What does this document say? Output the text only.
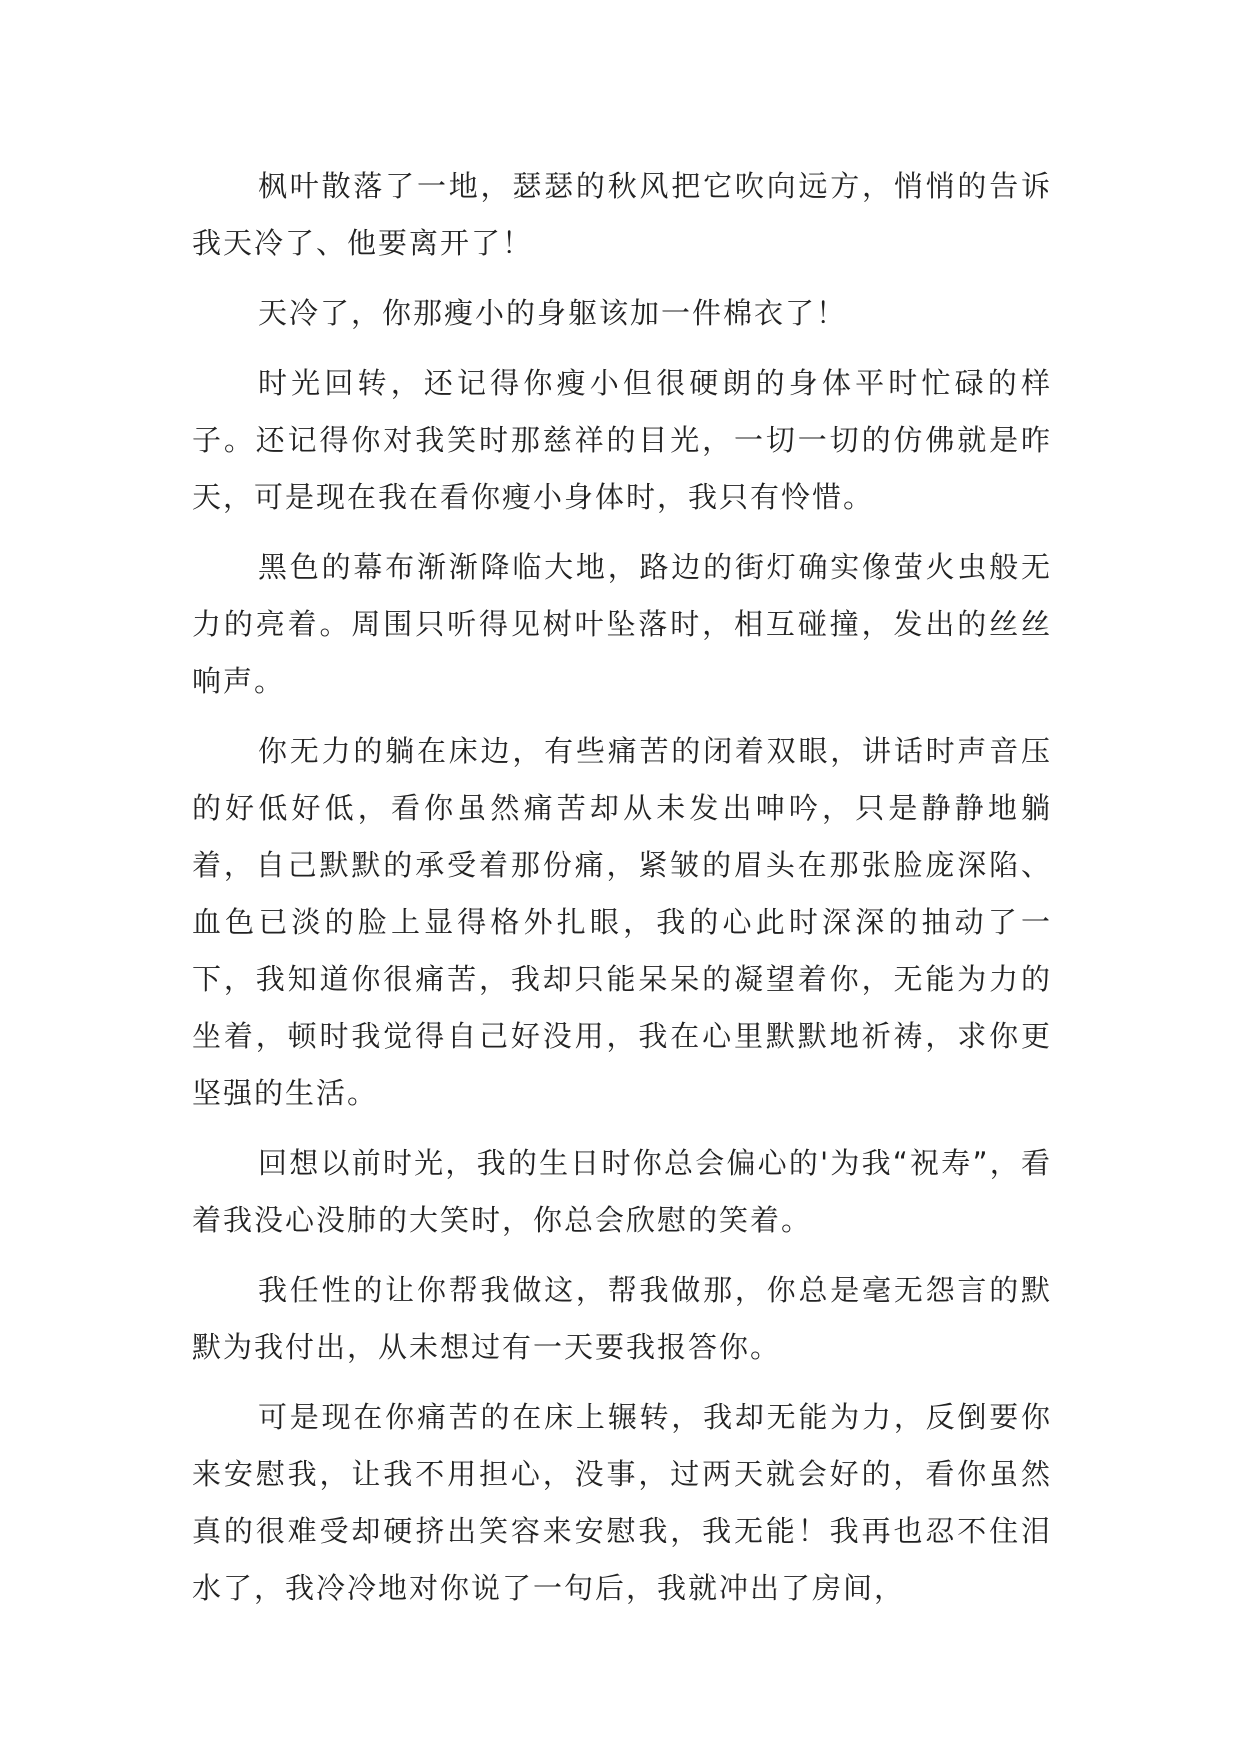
枫叶散落了一地，瑟瑟的秋风把它吹向远方，悄悄的告诉我天冷了、他要离开了！

天冷了，你那瘦小的身躯该加一件棉衣了！

时光回转，还记得你瘦小但很硬朗的身体平时忙碌的样子。还记得你对我笑时那慈祥的目光，一切一切的仿佛就是昨天，可是现在我在看你瘦小身体时，我只有怜惜。

黑色的幕布渐渐降临大地，路边的街灯确实像萤火虫般无力的亮着。周围只听得见树叶坠落时，相互碰撞，发出的丝丝响声。

你无力的躺在床边，有些痛苦的闭着双眼，讲话时声音压的好低好低，看你虽然痛苦却从未发出呻吟，只是静静地躺着，自己默默的承受着那份痛，紧皱的眉头在那张脸庞深陷、血色已淡的脸上显得格外扎眼，我的心此时深深的抽动了一下，我知道你很痛苦，我却只能呆呆的凝望着你，无能为力的坐着，顿时我觉得自己好没用，我在心里默默地祈祷，求你更坚强的生活。

回想以前时光，我的生日时你总会偏心的'为我“祝寿”，看着我没心没肺的大笑时，你总会欣慰的笑着。

我任性的让你帮我做这，帮我做那，你总是毫无怨言的默默为我付出，从未想过有一天要我报答你。

可是现在你痛苦的在床上辗转，我却无能为力，反倒要你来安慰我，让我不用担心，没事，过两天就会好的，看你虽然真的很难受却硬挤出笑容来安慰我，我无能！我再也忍不住泪水了，我冷冷地对你说了一句后，我就冲出了房间，
